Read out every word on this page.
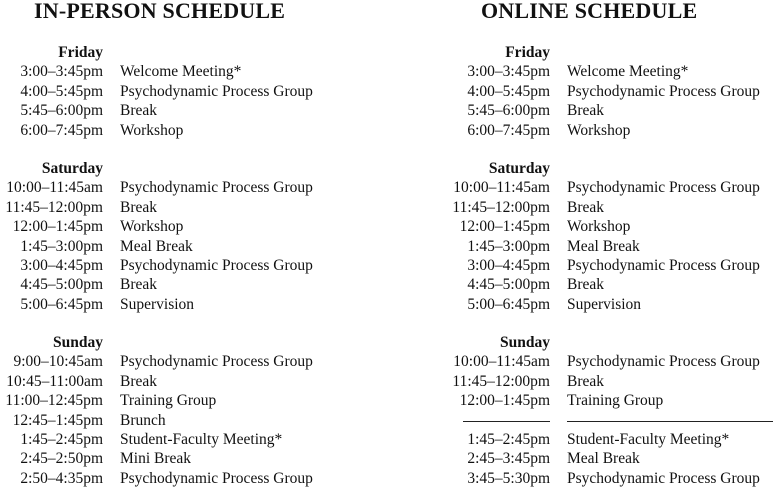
IN-PERSON SCHEDULE
Friday
3:00–3:45pm Welcome Meeting*
4:00–5:45pm Psychodynamic Process Group
5:45–6:00pm Break
6:00–7:45pm Workshop
Saturday
10:00–11:45am Psychodynamic Process Group
11:45–12:00pm Break
12:00–1:45pm Workshop
1:45–3:00pm Meal Break
3:00–4:45pm Psychodynamic Process Group
4:45–5:00pm Break
5:00–6:45pm Supervision
Sunday
9:00–10:45am Psychodynamic Process Group
10:45–11:00am Break
11:00–12:45pm Training Group
12:45–1:45pm Brunch
1:45–2:45pm Student-Faculty Meeting*
2:45–2:50pm Mini Break
2:50–4:35pm Psychodynamic Process Group
ONLINE SCHEDULE
Friday
3:00–3:45pm Welcome Meeting*
4:00–5:45pm Psychodynamic Process Group
5:45–6:00pm Break
6:00–7:45pm Workshop
Saturday
10:00–11:45am Psychodynamic Process Group
11:45–12:00pm Break
12:00–1:45pm Workshop
1:45–3:00pm Meal Break
3:00–4:45pm Psychodynamic Process Group
4:45–5:00pm Break
5:00–6:45pm Supervision
Sunday
10:00–11:45am Psychodynamic Process Group
11:45–12:00pm Break
12:00–1:45pm Training Group
1:45–2:45pm Student-Faculty Meeting*
2:45–3:45pm Meal Break
3:45–5:30pm Psychodynamic Process Group
